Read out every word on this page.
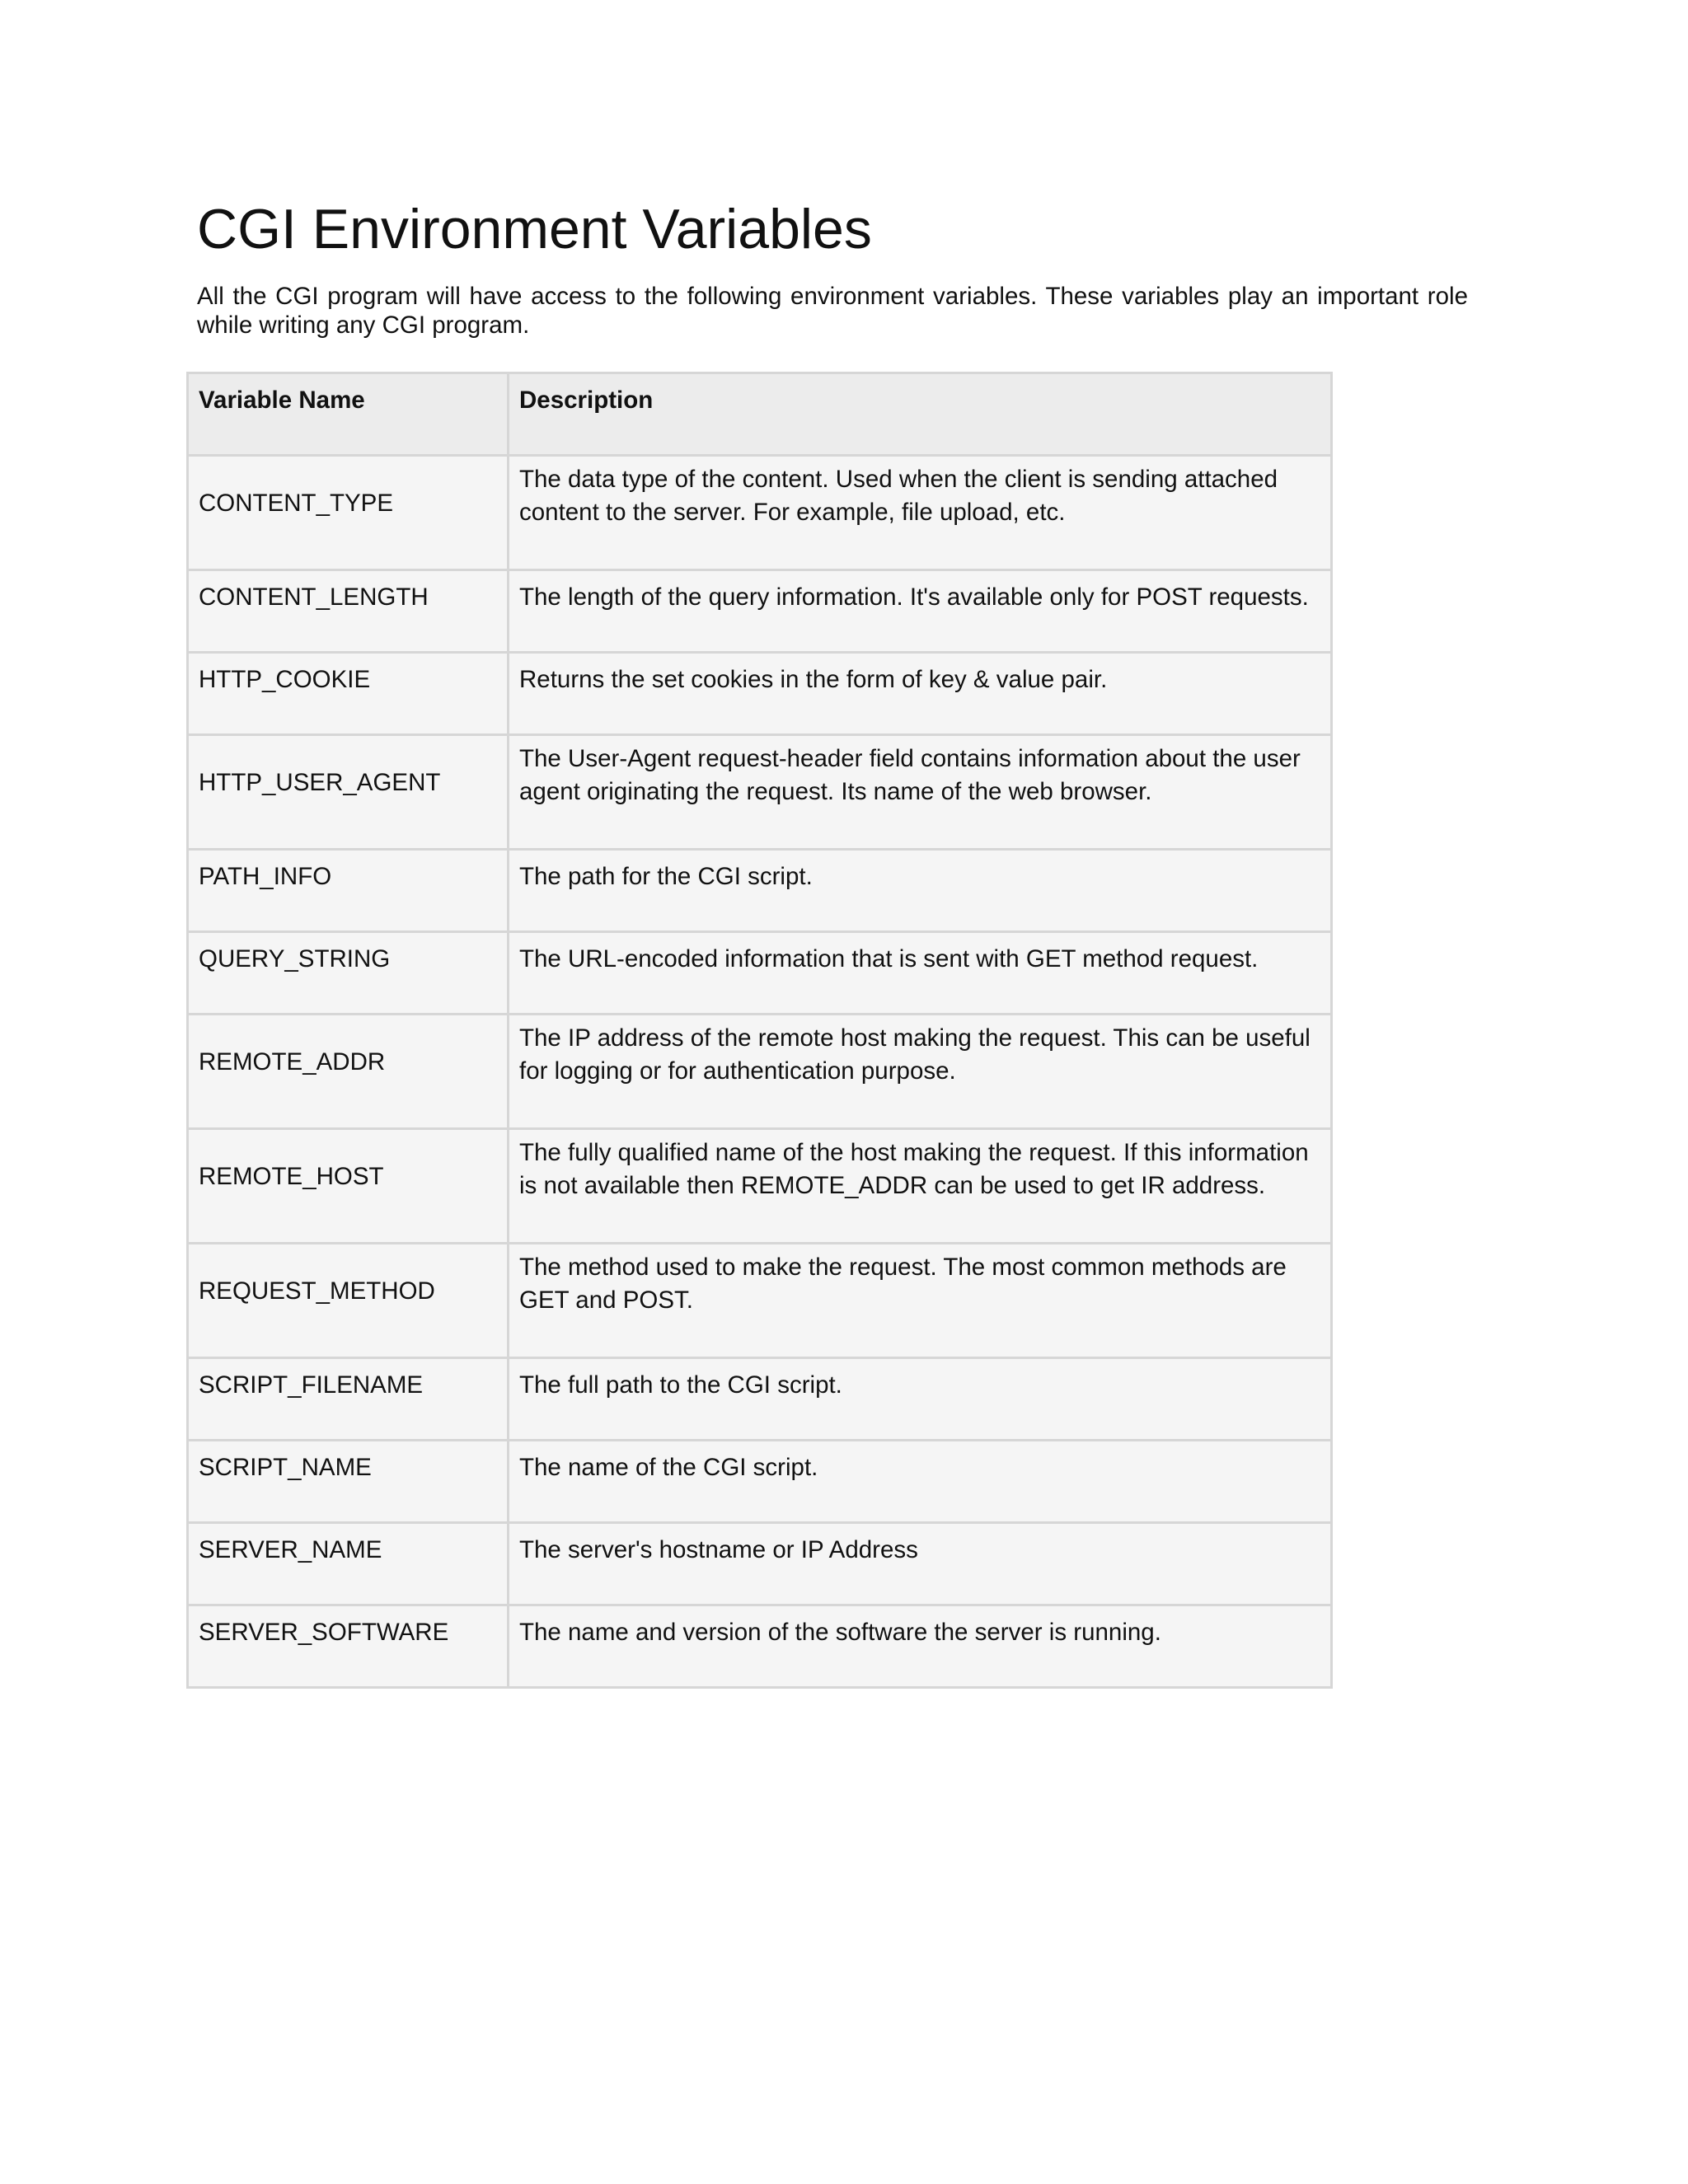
CGI Environment Variables

All the CGI program will have access to the following environment variables. These variables play an important role while writing any CGI program.

Variable Name	Description
CONTENT_TYPE	The data type of the content. Used when the client is sending attached content to the server. For example, file upload, etc.
CONTENT_LENGTH	The length of the query information. It's available only for POST requests.
HTTP_COOKIE	Returns the set cookies in the form of key & value pair.
HTTP_USER_AGENT	The User-Agent request-header field contains information about the user agent originating the request. Its name of the web browser.
PATH_INFO	The path for the CGI script.
QUERY_STRING	The URL-encoded information that is sent with GET method request.
REMOTE_ADDR	The IP address of the remote host making the request. This can be useful for logging or for authentication purpose.
REMOTE_HOST	The fully qualified name of the host making the request. If this information is not available then REMOTE_ADDR can be used to get IR address.
REQUEST_METHOD	The method used to make the request. The most common methods are GET and POST.
SCRIPT_FILENAME	The full path to the CGI script.
SCRIPT_NAME	The name of the CGI script.
SERVER_NAME	The server's hostname or IP Address
SERVER_SOFTWARE	The name and version of the software the server is running.
